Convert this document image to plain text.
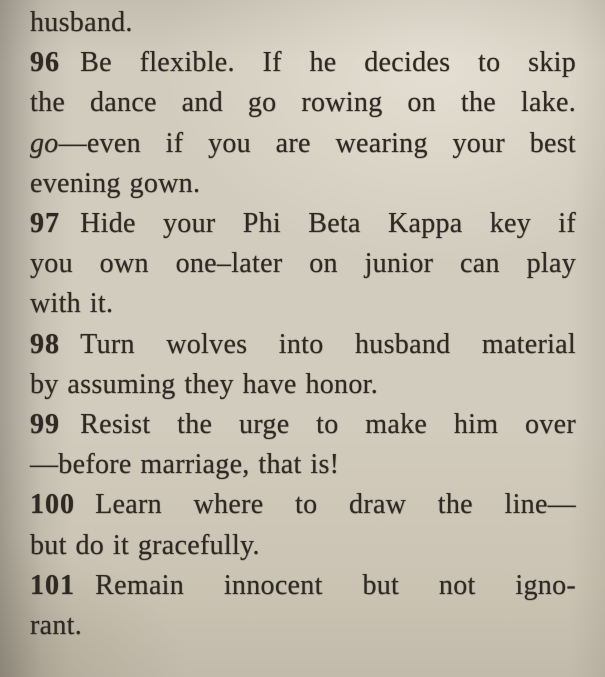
husband.
96 Be flexible. If he decides to skip
the dance and go rowing on the lake.
go—even if you are wearing your best
evening gown.
97 Hide your Phi Beta Kappa key if
you own one–later on junior can play
with it.
98 Turn wolves into husband material
by assuming they have honor.
99 Resist the urge to make him over
—before marriage, that is!
100 Learn where to draw the line—
but do it gracefully.
101 Remain innocent but not igno-
rant.
